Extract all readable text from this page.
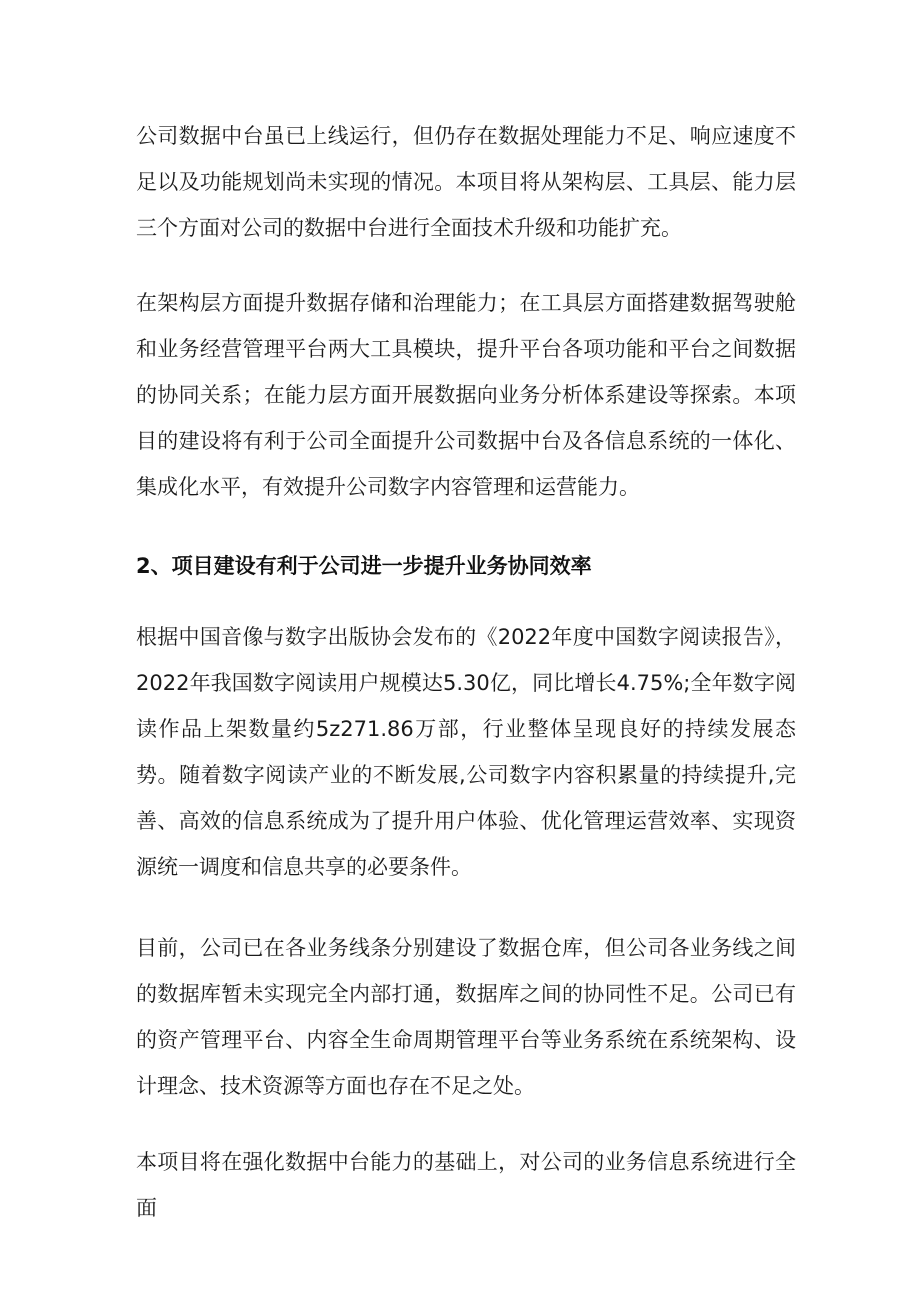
公司数据中台虽已上线运行，但仍存在数据处理能力不足、响应速度不足以及功能规划尚未实现的情况。本项目将从架构层、工具层、能力层三个方面对公司的数据中台进行全面技术升级和功能扩充。

在架构层方面提升数据存储和治理能力；在工具层方面搭建数据驾驶舱和业务经营管理平台两大工具模块，提升平台各项功能和平台之间数据的协同关系；在能力层方面开展数据向业务分析体系建设等探索。本项目的建设将有利于公司全面提升公司数据中台及各信息系统的一体化、集成化水平，有效提升公司数字内容管理和运营能力。

2、项目建设有利于公司进一步提升业务协同效率

根据中国音像与数字出版协会发布的《2022年度中国数字阅读报告》，2022年我国数字阅读用户规模达5.30亿，同比增长4.75%;全年数字阅读作品上架数量约5z271.86万部，行业整体呈现良好的持续发展态势。随着数字阅读产业的不断发展,公司数字内容积累量的持续提升,完善、高效的信息系统成为了提升用户体验、优化管理运营效率、实现资源统一调度和信息共享的必要条件。

目前，公司已在各业务线条分别建设了数据仓库，但公司各业务线之间的数据库暂未实现完全内部打通，数据库之间的协同性不足。公司已有的资产管理平台、内容全生命周期管理平台等业务系统在系统架构、设计理念、技术资源等方面也存在不足之处。

本项目将在强化数据中台能力的基础上，对公司的业务信息系统进行全面
